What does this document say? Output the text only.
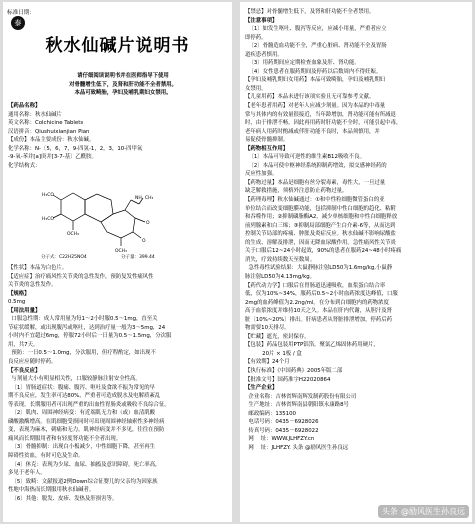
标准日期：
泰
秋水仙碱片说明书

请仔细阅读说明书并在医师指导下使用

对骨髓增生低下，及肾和肝功能不全者禁用。

本品可致畸胎，孕妇及哺乳期妇女禁用。

【药品名称】

通用名称：秋水仙碱片

英文名称：Colchicine Tablets

汉语拼音：Qiushuixianjian Pian

【成份】本品主要成份：秋水仙碱。

化学名称：N-〔5，6，7，9-四氢-1，2，3，10-四甲氧

-9-氧-苯并[a]庚并[3-7-基〕乙酰胺。

化学结构式：

H₃CO
H₃CO
OCH₃
NH CH₃
O
O
OCH₃
分子式：C22H25NO4	分子量：399.44

【性状】本品为白色片。

【适应症】治疗痛风性关节炎的急性发作，预防复发性痛风性

关节炎的急性发作。

【规格】

0.5mg

【用法用量】

口服急性期：成人常用量为每1～2小时服0.5～1mg，直至关

节症状缓解，或出现腹泻或呕吐，达到治疗量一般为3～5mg，24

小时内不宜超过6mg，停服72小时后一日量为0.5～1.5mg，分次服

用，共7天。

预防：一日0.5～1.0mg，分次服用，但疗程酌定，如出现不

良反应应随时停药。

【不良反应】

与剂量大小有明显相关性，口服较静脉注射安全性高。

〔1〕胃肠道症状：腹痛、腹泻、呕吐及食欲不振为常见的早

期不良反应，发生率可达80%，严重者可造成脱水及电解质紊乱

等表现。长期服用者可出现严重的出血性胃肠炎或吸收不良综合征。

〔2〕肌肉、周围神经病变：有近端肌无力和（或）血清肌酸

磷酸激酶增高。在肌细胞受损同时可出现周围神经轴索性多神经病

变，表现为麻木，刺痛和无力。肌神经病变并不多见，往往在预防

痛风而长期服用者和有轻度肾功能不全者出现。

〔3〕骨髓抑制：出现白小板减少，中性细胞下降，甚至再生

障碍性贫血，有时可危及生命。

〔4〕休克：表现为少尿、血尿、抽搐及意识障碍。死亡率高，

多见于老年人。

〔5〕致畸：文献报道2例Down综合征婴儿的父亲均为因家族

性地中海热而长期服用秋水仙碱者。

〔6〕其他：脱发、皮疹、发热及肝损害等。

【禁忌】对骨髓增生低下，及肾和肝功能不全者禁用。

【注意事项】

〔1〕如发生呕吐、腹泻等反应，应减小用量，严重者应立

即停药。

〔2〕骨髓造血功能不全，严重心脏病、肾功能不全及胃肠

道疾患者慎用。

〔3〕用药期间应定期检查血象及肝、肾功能。

〔4〕女性患者在服药期间及停药以后数周内不得妊娠。

【孕妇及哺乳期妇女用药】本品可致畸胎，孕妇及哺乳期妇

女禁用。

【儿童用药】本品未进行该项实验且无可靠参考文献。

【老年患者用药】对老年人应减少剂量。因为本品的中毒量

常与其体内的有效量很接近，当年龄增加，肾功能可能有所减退

时，由于排泄不畅，因此再用药时肝功能不全时，可能引起中毒，

老年病人用药时酌减或伴肝功能不良时，本品须慎用，并

易促使骨髓抑制。

【药物相互作用】

〔1〕本品可导致可逆性的维生素B12吸收不良。

〔2〕本品可使中枢神经系统抑制药增效，拟交感神经药的

反应性加强。

【药物过量】本品是细胞有丝分裂毒素，毒性大，一旦过量

缺乏解救措施，须格外注意防止药物过量。

【药理毒理】秋水仙碱通过：①和中性粒细胞微管蛋白的亚

单位结合而改变细胞膜功能，包括抑制中性白细胞的趋化、粘附

和吞噬作用；②抑制磷脂酶A2，减少单核细胞和中性白细胞释放

前列腺素和白三烯；③抑制局部细胞产生白介素-6等，从而达到

控制关节局部的疼痛、肿胀及炎症反应。秋水仙碱不影响尿酸盐

的生成、溶解及排泄，因而无降血尿酸作用。急性痛风性关节炎

关于口服后12~24小时起效，90%的患者在服药24~48小时疼痛

消失，疗效持续数天至数周。

急性毒性试验结果：大鼠静脉注射LD50为1.6mg/kg,小鼠静

脉注射LD50为4.13mg/kg。

【药代动力学】口服后在胃肠道迅速吸收，血浆蛋白结合率

低，仅为10%~34%，服药后0.5~2小时血药浓度达峰值，口服

2mg的血药峰值为2.2ng/ml。在分布到白细胞内的药物浓度

高于血浆浓度并维持10天之久。本品在肝内代谢，从胆汁及肾

脏〔10%~20%〕排出。肝病患者从肾脏排泄增加，停药后药

物需要10天排尽。

【贮藏】遮光，密封保存。

【包装】药品包装用PTP铝箔，聚氯乙烯固体药用硬片，

20片 × 1板 / 盒

【有效期】24个月

【执行标准】《中国药典》2005年版二部

【批准文号】国药准字H22020864

【生产企业】

企业名称：吉林省辉南辉发制药股份有限公司

生产地址：吉林省辉南县朝阳镇永康路8号

邮政编码：135100

电话号码：0435－6928026

传真号码：0435－6928022

网    址：WWW.JLHFZY.cn

网    址：JLHFZY. 头条 @励风医生孙良远

头条 @励风医生孙良远
